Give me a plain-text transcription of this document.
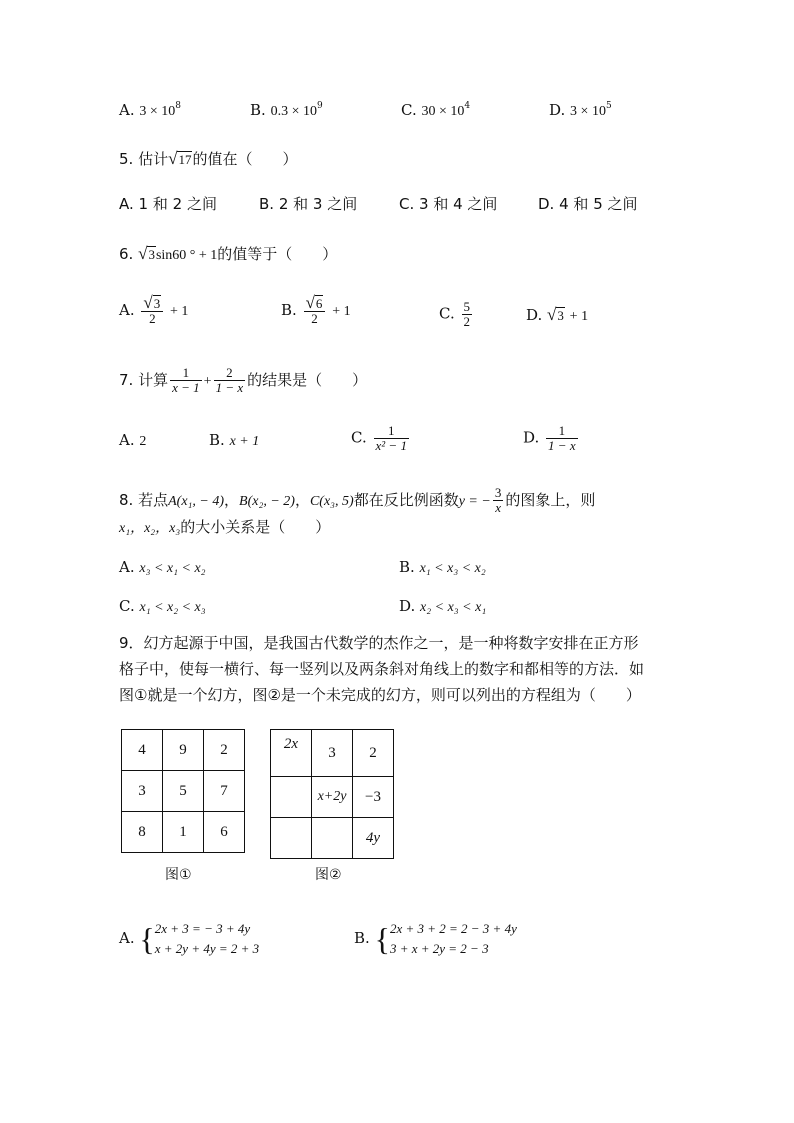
A. $3 \times 10^8$	B. $0.3 \times 10^9$	C. $30 \times 10^4$	D. $3 \times 10^5$
5. 估计√17的值在（　　）
A. 1 和 2 之间	B. 2 和 3 之间	C. 3 和 4 之间	D. 4 和 5 之间
6. √3sin60 ° + 1的值等于（　　）
A. $\frac{√3}{2} + 1$	B. $\frac{√6}{2} + 1$	C. $\frac{5}{2}$	D. √3 + 1
7. 计算 $\frac{1}{x - 1} + \frac{2}{1 - x}$ 的结果是（　　）
A. 2	B. x + 1	C. $\frac{1}{\text{x² − 1}}$	D. $\frac{1}{1 - x}$
8. 若点A(x₁, − 4)，B(x₂, − 2)，C(x₃, 5)都在反比例函数y = − $\frac{3}{x}$ 的图象上，则
x₁，x₂，x₃的大小关系是（　　）
A. x₃ < x₁ < x₂	B. x₁ < x₃ < x₂
C. x₁ < x₂ < x₃	D. x₂ < x₃ < x₁
9．幻方起源于中国，是我国古代数学的杰作之一，是一种将数字安排在正方形
格子中，使每一横行、每一竖列以及两条斜对角线上的数字和都相等的方法．如
图①就是一个幻方，图②是一个未完成的幻方，则可以列出的方程组为（　　）
4	9	2
3	5	7
8	1	6
图①
2x	3	2
	x+2y	−3
		4y
图②
A. {2x + 3 = − 3 + 4y
x + 2y + 4y = 2 + 3
B. {2x + 3 + 2 = 2 − 3 + 4y
3 + x + 2y = 2 − 3
